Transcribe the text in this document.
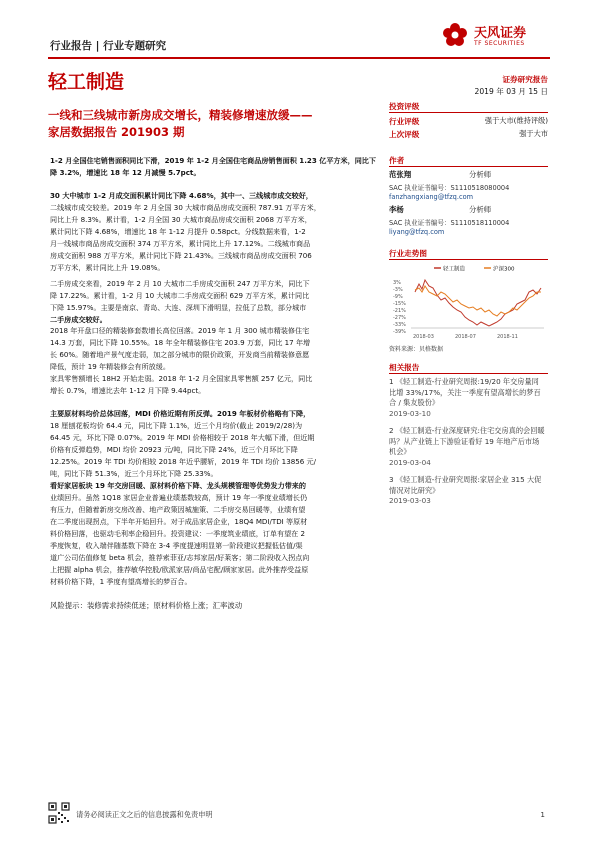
行业报告 | 行业专题研究
天风证券
TF SECURITIES
轻工制造	证券研究报告
2019 年 03 月 15 日
一线和三线城市新房成交增长，精装修增速放缓——
家居数据报告 201903 期
投资评级
行业评级	强于大市(维持评级)
上次评级	强于大市
作者
范张翔	分析师
SAC 执业证书编号：S1110518080004
fanzhangxiang@tfzq.com
李杨	分析师
SAC 执业证书编号：S1110518110004
liyang@tfzq.com
行业走势图
轻工制造	沪深300
3%
-3%
-9%
-15%
-21%
-27%
-33%
-39%
2018-03	2018-07	2018-11
资料来源：贝格数据
相关报告
1 《轻工制造-行业研究周报:19/20 年交房量同比增 33%/17%，关注一季度有望高增长的梦百合 / 集友股份》
2019-03-10
2 《轻工制造-行业深度研究:住宅交房真的会回暖吗？从产业链上下游验证看好 19 年地产后市场机会》
2019-03-04
3 《轻工制造-行业研究周报:家居企业 315 大促情况对比研究》
2019-03-03
1-2 月全国住宅销售面积同比下滑，2019 年 1-2 月全国住宅商品房销售面积 1.23 亿平方米，同比下降 3.2%，增速比 18 年 12 月减慢 5.7pct。
30 大中城市 1-2 月成交面积累计同比下降 4.68%，其中一、三线城市成交较好，
二线城市成交较差。2019 年 2 月全国 30 大城市商品房成交面积 787.91 万平方米，
同比上升 8.3%。累计看，1-2 月全国 30 大城市商品房成交面积 2068 万平方米，
累计同比下降 4.68%，增速比 18 年 1-12 月提升 0.58pct。分线数据来看，1-2
月一线城市商品房成交面积 374 万平方米，累计同比上升 17.12%。二线城市商品
房成交面积 988 万平方米，累计同比下降 21.43%。三线城市商品房成交面积 706
万平方米，累计同比上升 19.08%。
二手房成交来看，2019 年 2 月 10 大城市二手房成交面积 247 万平方米，同比下
降 17.22%。累计看，1-2 月 10 大城市二手房成交面积 629 万平方米，累计同比
下降 15.97%。主要是南京、青岛、大连、深圳下滑明显，拉低了总数，部分城市
二手房成交较好。
2018 年开盘口径的精装修套数增长高位回落。2019 年 1 月 300 城市精装修住宅
14.3 万套，同比下降 10.55%。18 年全年精装修住宅 203.9 万套，同比 17 年增
长 60%。随着地产景气度走弱，加之部分城市的限价政策，开发商当前精装修意愿
降低，预计 19 年精装修会有所放缓。
家具零售额增长 18H2 开始走弱。2018 年 1-2 月全国家具零售额 257 亿元，同比
增长 0.7%，增速比去年 1-12 月下降 9.44pct。
主要原材料均价总体回落，MDI 价格近期有所反弹。2019 年板材价格略有下降，
18 厘刨花板均价 64.4 元，同比下降 1.1%，近三个月均价(截止 2019/2/28)为
64.45 元，环比下降 0.07%。2019 年 MDI 价格相较于 2018 年大幅下滑，但近期
价格有反弹趋势，MDI 均价 20923 元/吨，同比下降 24%，近三个月环比下降
12.25%。2019 年 TDI 均价相较 2018 年近乎腰斩，2019 年 TDI 均价 13856 元/
吨，同比下降 51.3%，近三个月环比下降 25.33%。
看好家居板块 19 年交房回暖、原材料价格下降、龙头规模管理等优势发力带来的
业绩回升。虽然 1Q18 家居企业普遍业绩基数较高，预计 19 年一季度业绩增长仍
有压力，但随着新房交房改善、地产政策因城施策、二手房交易回暖等，业绩有望
在二季度出现拐点，下半年开始回升。对于成品家居企业，18Q4 MDI/TDI 等原材
料价格回落，也驱动毛利率企稳回升。投资建议：一季度筑业绩底，订单有望在 2
季度恢复，收入端伴随基数下降在 3-4 季度提速明显第一阶段建议把握低估值/渠
道广公司估值修复 beta 机会，推荐索菲亚/志邦家居/好莱客；第二阶段收入拐点向
上把握 alpha 机会，推荐敏华控股/欧派家居/尚品宅配/顾家家居。此外推荐受益原
材料价格下降，1 季度有望高增长的梦百合。
风险提示：装修需求持续低迷；原材料价格上涨；汇率波动
请务必阅读正文之后的信息披露和免责申明	1
